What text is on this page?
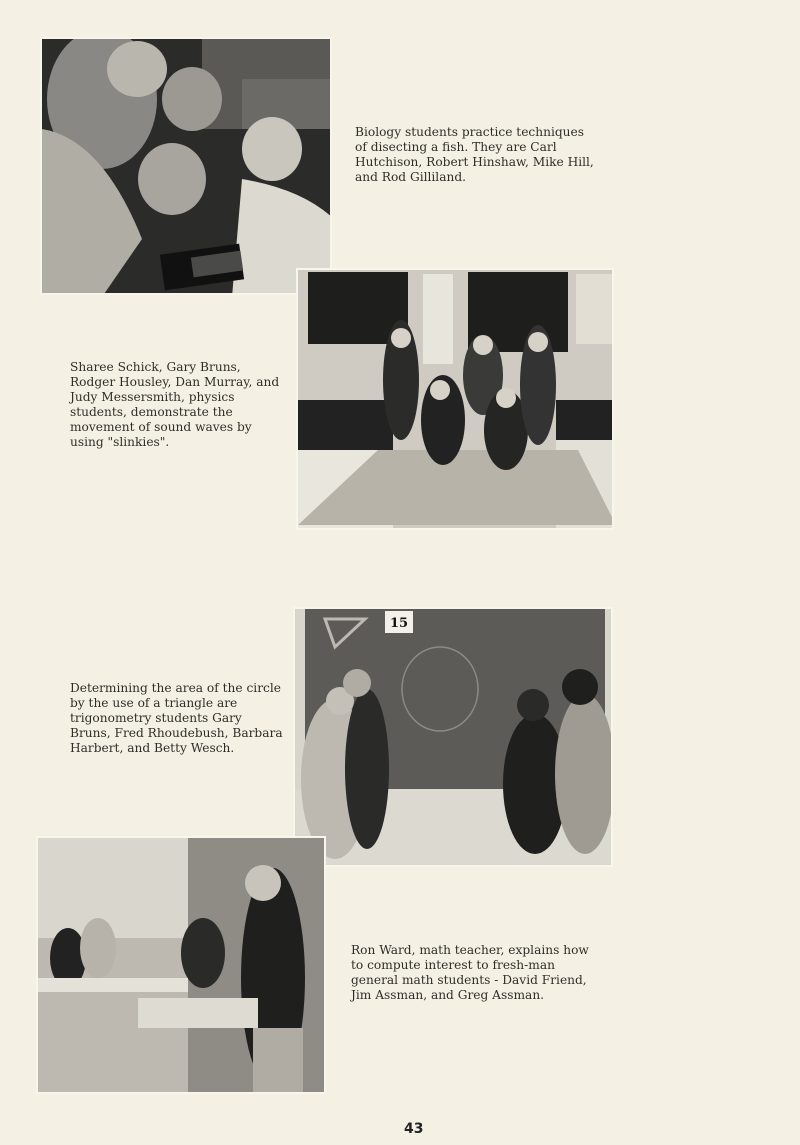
Biology students practice techniques of disecting a fish. They are Carl Hutchison, Robert Hinshaw, Mike Hill, and Rod Gilliland.
Sharee Schick, Gary Bruns, Rodger Housley, Dan Murray, and Judy Messersmith, physics students, demonstrate the movement of sound waves by using "slinkies".
15
Determining the area of the circle by the use of a triangle are trigonometry students Gary Bruns, Fred Rhoudebush, Barbara Harbert, and Betty Wesch.
Ron Ward, math teacher, explains how to compute interest to fresh-man general math students - David Friend, Jim Assman, and Greg Assman.
43
